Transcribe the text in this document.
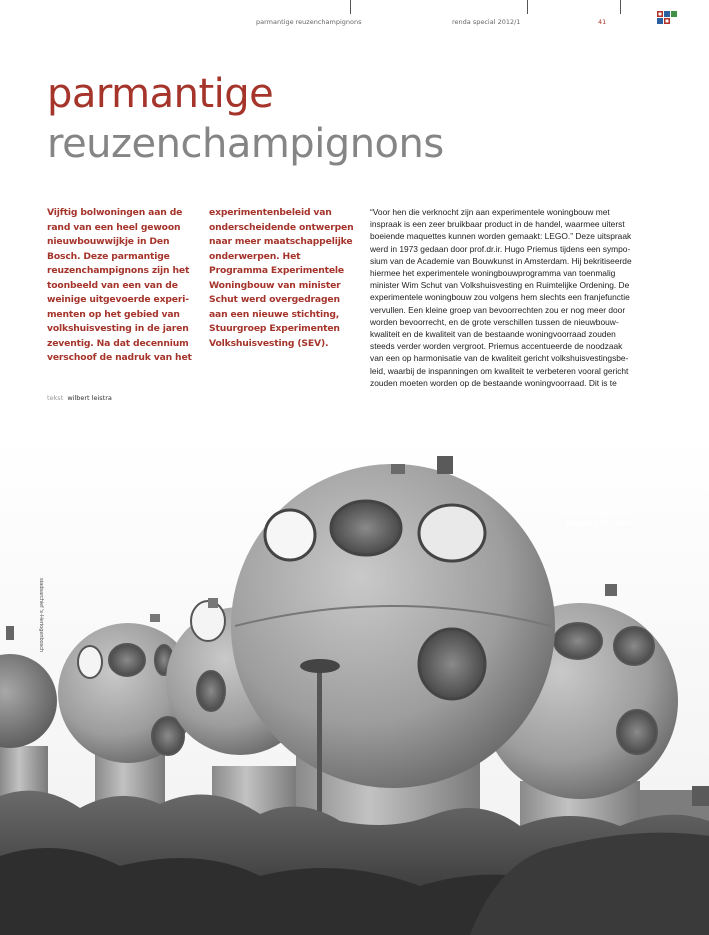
parmantige reuzenchampignons	renda special 2012/1	41
parmantige
reuzenchampignons
Vijftig bolwoningen aan de
rand van een heel gewoon
nieuwbouwwijkje in Den
Bosch. Deze parmantige
reuzenchampignons zijn het
toonbeeld van een van de
weinige uitgevoerde experi-
menten op het gebied van
volkshuisvesting in de jaren
zeventig. Na dat decennium
verschoof de nadruk van het
experimentenbeleid van
onderscheidende ontwerpen
naar meer maatschappelijke
onderwerpen. Het
Programma Experimentele
Woningbouw van minister
Schut werd overgedragen
aan een nieuwe stichting,
Stuurgroep Experimenten
Volkshuisvesting (SEV).
tekst wilbert leistra
“Voor hen die verknocht zijn aan experimentele woningbouw met
inspraak is een zeer bruikbaar product in de handel, waarmee uiterst
boeiende maquettes kunnen worden gemaakt: LEGO.” Deze uitspraak
werd in 1973 gedaan door prof.dr.ir. Hugo Priemus tijdens een sympo-
sium van de Academie van Bouwkunst in Amsterdam. Hij bekritiseerde
hiermee het experimentele woningbouwprogramma van toenmalig
minister Wim Schut van Volkshuisvesting en Ruimtelijke Ordening. De
experimentele woningbouw zou volgens hem slechts een franjefunctie
vervullen. Een kleine groep van bevoorrechten zou er nog meer door
worden bevoorrecht, en de grote verschillen tussen de nieuwbouw-
kwaliteit en de kwaliteit van de bestaande woningvoorraad zouden
steeds verder worden vergroot. Priemus accentueerde de noodzaak
van een op harmonisatie van de kwaliteit gericht volkshuisvestingsbe-
leid, waarbij de inspanningen om kwaliteit te verbeteren vooral gericht
zouden moeten worden op de bestaande woningvoorraad. Dit is te
De bolwoningen aan
Bolleveld in Den Bosch.
Foto: 9 juni 1989.
stadsarchief 's-Hertogenbosch
